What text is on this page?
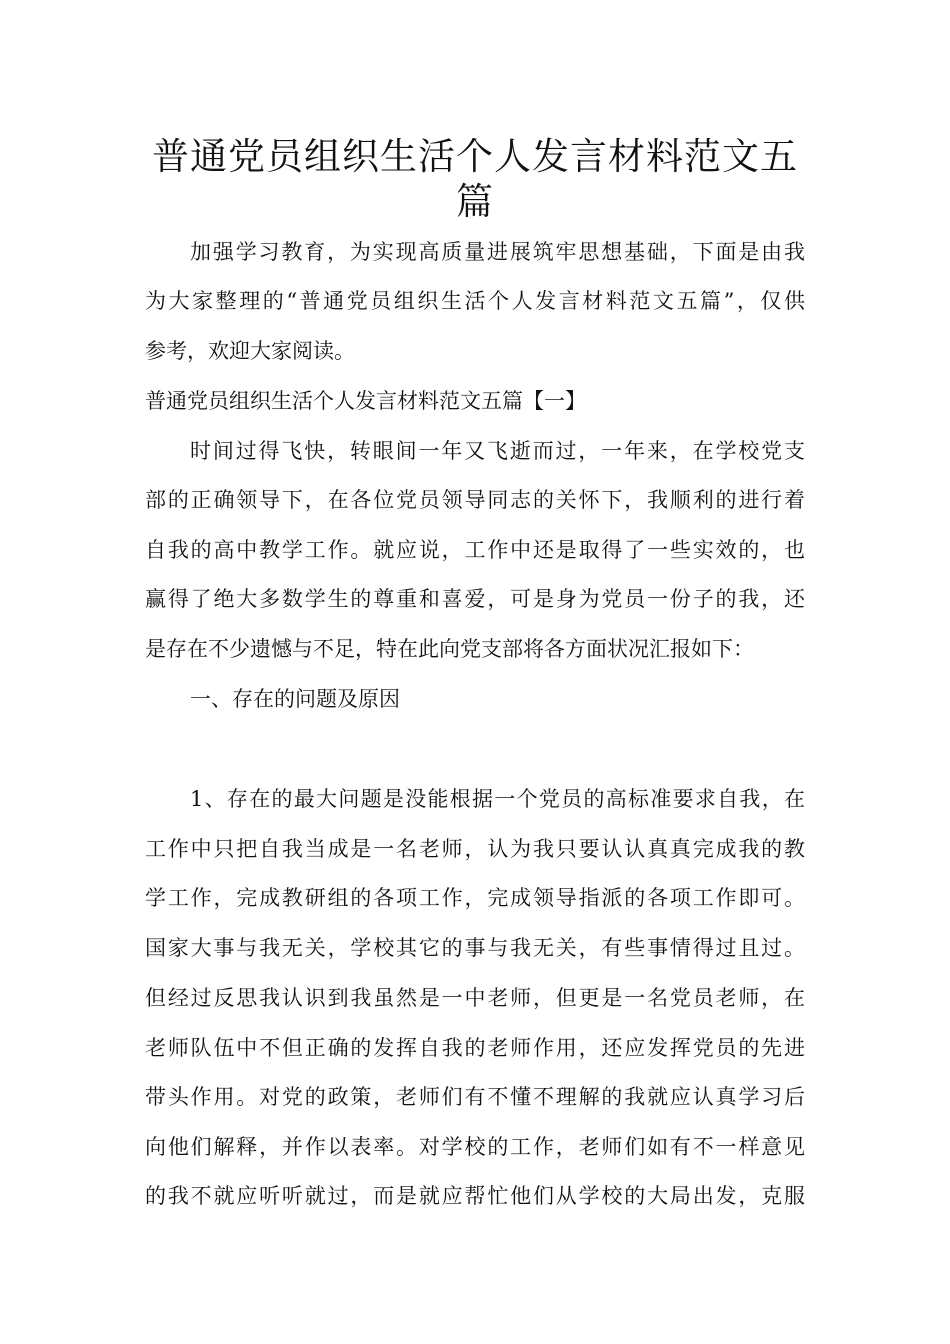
普通党员组织生活个人发言材料范文五
篇

加强学习教育，为实现高质量进展筑牢思想基础，下面是由我

为大家整理的“普通党员组织生活个人发言材料范文五篇”，仅供

参考，欢迎大家阅读。

普通党员组织生活个人发言材料范文五篇【一】

时间过得飞快，转眼间一年又飞逝而过，一年来，在学校党支

部的正确领导下，在各位党员领导同志的关怀下，我顺利的进行着

自我的高中教学工作。就应说，工作中还是取得了一些实效的，也

赢得了绝大多数学生的尊重和喜爱，可是身为党员一份子的我，还

是存在不少遗憾与不足，特在此向党支部将各方面状况汇报如下：

一、存在的问题及原因

1、存在的最大问题是没能根据一个党员的高标准要求自我，在

工作中只把自我当成是一名老师，认为我只要认认真真完成我的教

学工作，完成教研组的各项工作，完成领导指派的各项工作即可。

国家大事与我无关，学校其它的事与我无关，有些事情得过且过。

但经过反思我认识到我虽然是一中老师，但更是一名党员老师，在

老师队伍中不但正确的发挥自我的老师作用，还应发挥党员的先进

带头作用。对党的政策，老师们有不懂不理解的我就应认真学习后

向他们解释，并作以表率。对学校的工作，老师们如有不一样意见

的我不就应听听就过，而是就应帮忙他们从学校的大局出发，克服
